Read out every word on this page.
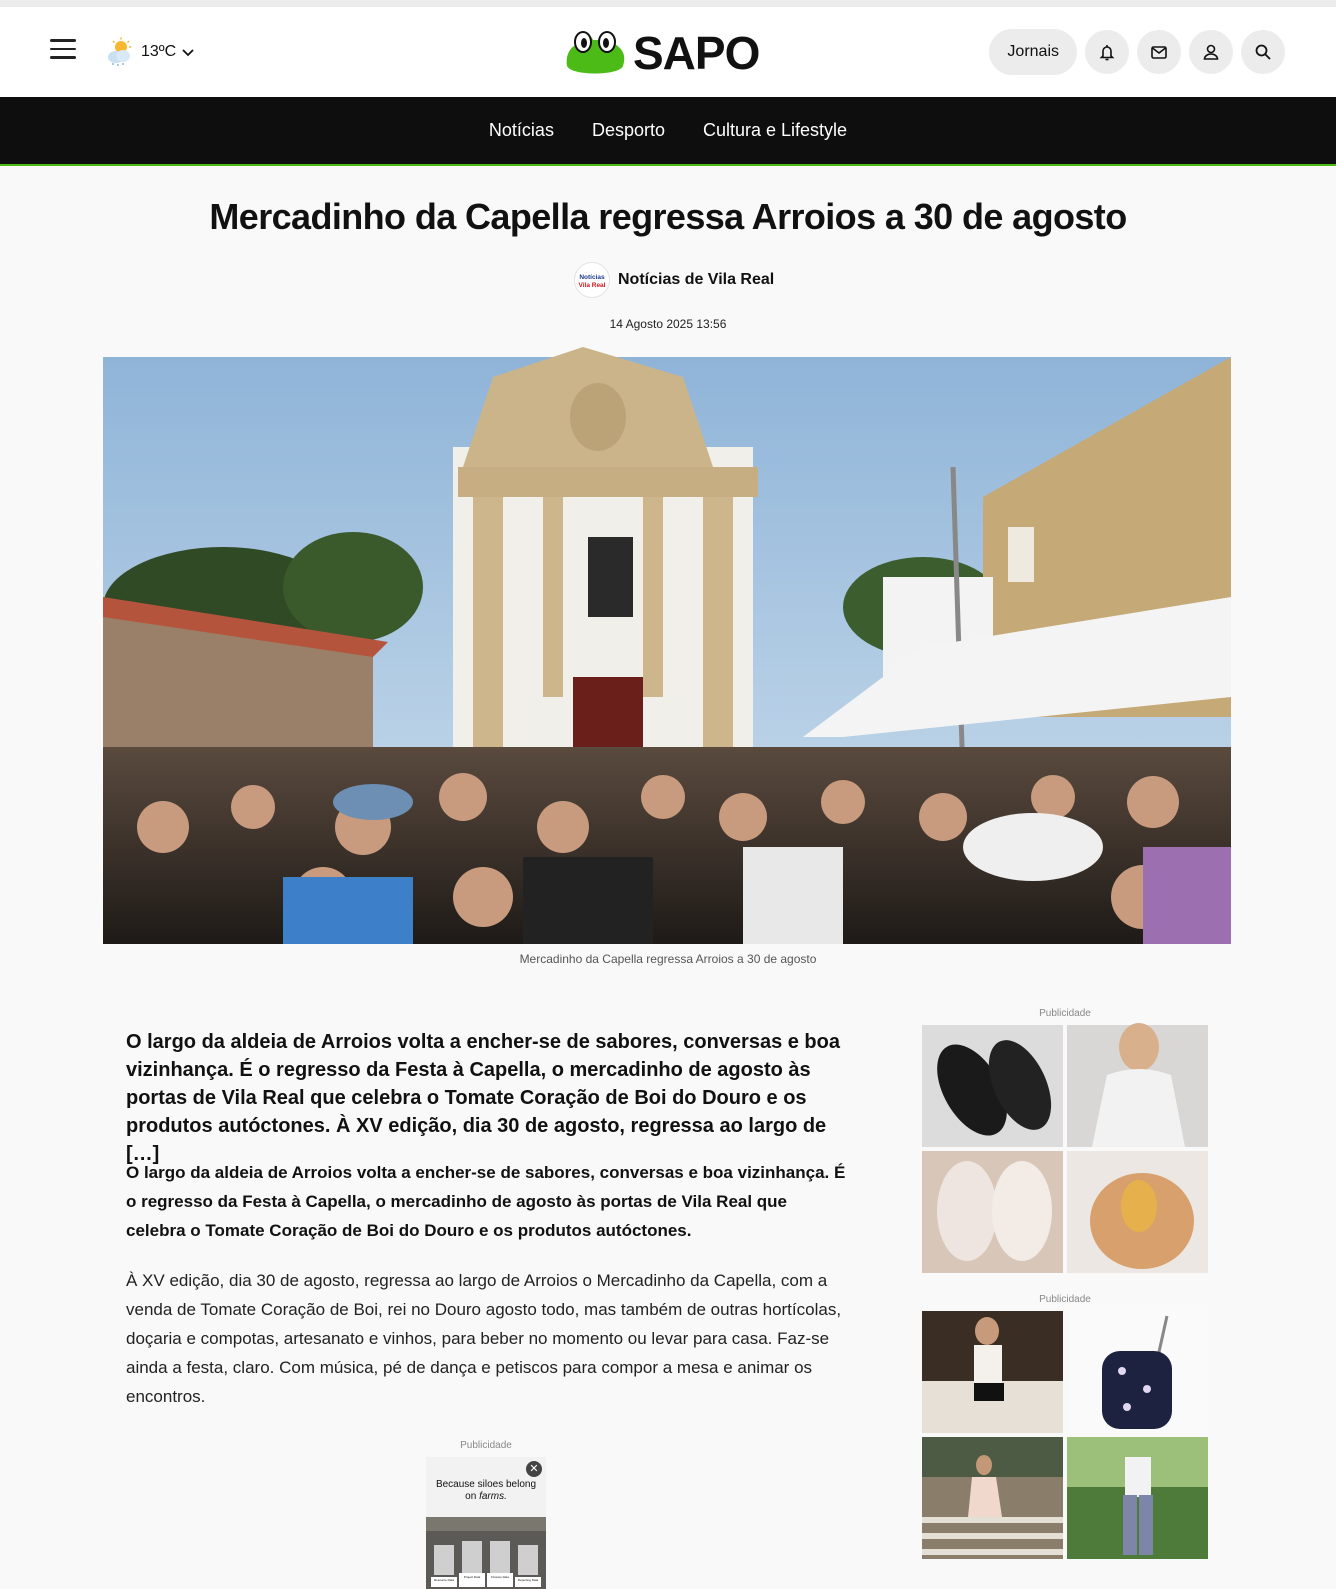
13ºC	SAPO	Jornais
Notícias Desporto Cultura e Lifestyle
Mercadinho da Capella regressa Arroios a 30 de agosto
Notícias
Vila Real Notícias de Vila Real
14 Agosto 2025 13:56
Mercadinho da Capella regressa Arroios a 30 de agosto

O largo da aldeia de Arroios volta a encher-se de sabores, conversas e boa vizinhança. É o regresso da Festa à Capella, o mercadinho de agosto às portas de Vila Real que celebra o Tomate Coração de Boi do Douro e os produtos autóctones. À XV edição, dia 30 de agosto, regressa ao largo de […]

O largo da aldeia de Arroios volta a encher-se de sabores, conversas e boa vizinhança. É o regresso da Festa à Capella, o mercadinho de agosto às portas de Vila Real que celebra o Tomate Coração de Boi do Douro e os produtos autóctones.

À XV edição, dia 30 de agosto, regressa ao largo de Arroios o Mercadinho da Capella, com a venda de Tomate Coração de Boi, rei no Douro agosto todo, mas também de outras hortícolas, doçaria e compotas, artesanato e vinhos, para beber no momento ou levar para casa. Faz-se ainda a festa, claro. Com música, pé de dança e petiscos para compor a mesa e animar os encontros.

Publicidade
✕
Because siloes belong on farms.
Resource Data
Project Data	Finance Data
Reporting Data
Publicidade
Publicidade
